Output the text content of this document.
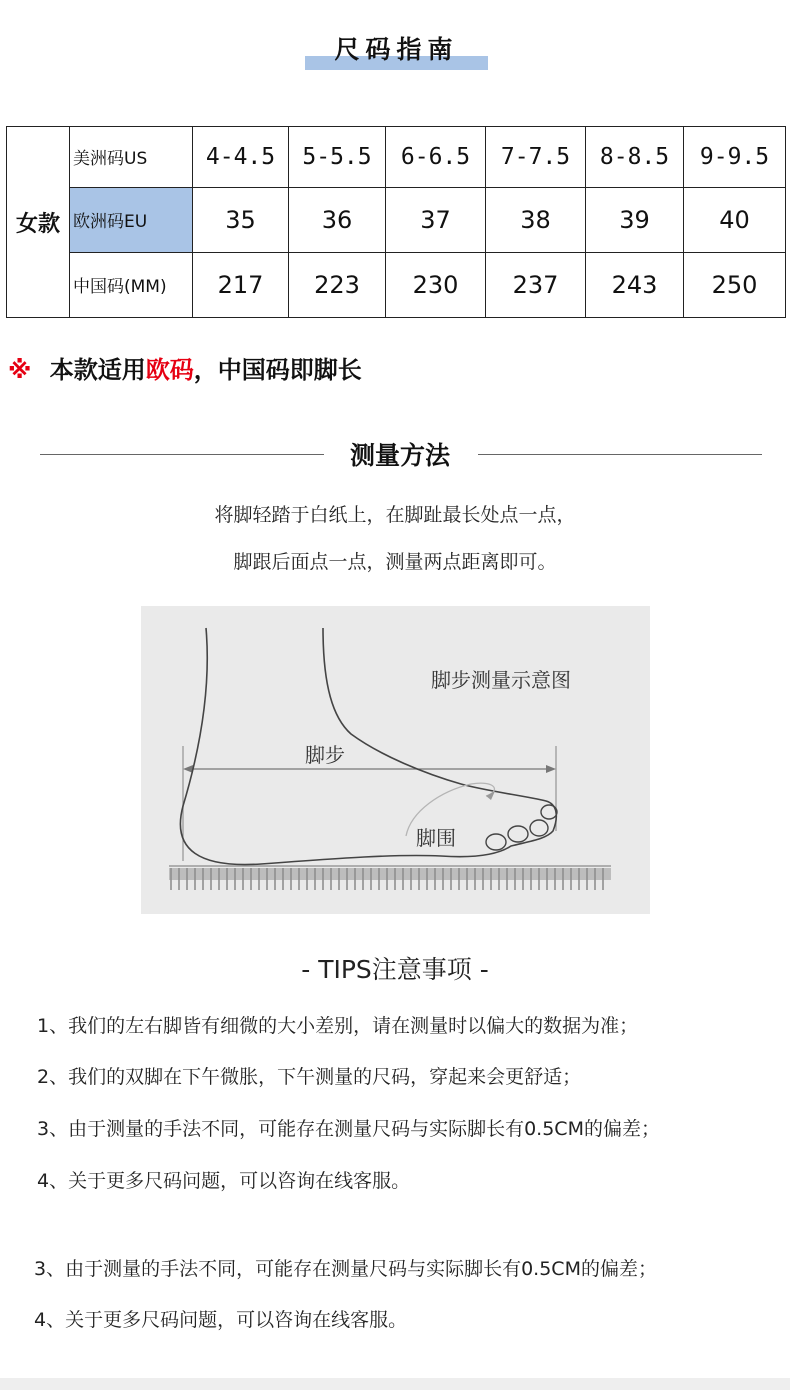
尺码指南
女款	美洲码US	4-4.5	5-5.5	6-6.5	7-7.5	8-8.5	9-9.5
	欧洲码EU	35	36	37	38	39	40
	中国码(MM)	217	223	230	237	243	250
※ 本款适用欧码，中国码即脚长
测量方法
将脚轻踏于白纸上，在脚趾最长处点一点，
脚跟后面点一点，测量两点距离即可。
脚步测量示意图
脚步
脚围
- TIPS注意事项 -
1、我们的左右脚皆有细微的大小差别，请在测量时以偏大的数据为准；
2、我们的双脚在下午微胀，下午测量的尺码，穿起来会更舒适；
3、由于测量的手法不同，可能存在测量尺码与实际脚长有0.5CM的偏差；
4、关于更多尺码问题，可以咨询在线客服。
3、由于测量的手法不同，可能存在测量尺码与实际脚长有0.5CM的偏差；
4、关于更多尺码问题，可以咨询在线客服。
